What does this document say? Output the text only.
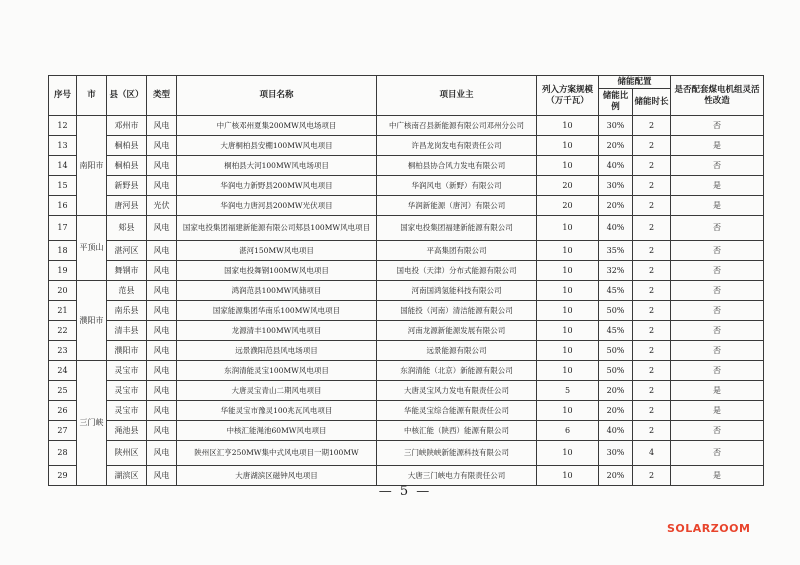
序号	市	县（区）	类型	项目名称	项目业主	列入方案规模（万千瓦）	储能配置		是否配套煤电机组灵活性改造
							储能比例	储能时长	
12	南阳市	邓州市	风电	中广核邓州夏集200MW风电场项目	中广核南召县新能源有限公司邓州分公司	10	30%	2	否
13		桐柏县	风电	大唐桐柏县安棚100MW风电项目	许昌龙岗发电有限责任公司	10	20%	2	是
14		桐柏县	风电	桐柏县大河100MW风电场项目	桐柏县协合风力发电有限公司	10	40%	2	否
15		新野县	风电	华润电力新野县200MW风电项目	华润风电（新野）有限公司	20	30%	2	是
16		唐河县	光伏	华润电力唐河县200MW光伏项目	华润新能源（唐河）有限公司	20	20%	2	是
17	平顶山	郏县	风电	国家电投集团福建新能源有限公司郏县100MW风电项目	国家电投集团福建新能源有限公司	10	40%	2	否
18		湛河区	风电	湛河150MW风电项目	平高集团有限公司	10	35%	2	否
19		舞钢市	风电	国家电投舞钢100MW风电项目	国电投（天津）分布式能源有限公司	10	32%	2	否
20	濮阳市	范县	风电	鸿润范县100MW风储项目	河南国鸿氢能科技有限公司	10	45%	2	否
21		南乐县	风电	国家能源集团华南乐100MW风电项目	国能投（河南）清洁能源有限公司	10	50%	2	否
22		清丰县	风电	龙源清丰100MW风电项目	河南龙源新能源发展有限公司	10	45%	2	否
23		濮阳市	风电	远景濮阳范县风电场项目	远景能源有限公司	10	50%	2	否
24	三门峡	灵宝市	风电	东润清能灵宝100MW风电项目	东润清能（北京）新能源有限公司	10	50%	2	否
25		灵宝市	风电	大唐灵宝青山二期风电项目	大唐灵宝风力发电有限责任公司	5	20%	2	是
26		灵宝市	风电	华能灵宝市豫灵100兆瓦风电项目	华能灵宝综合能源有限责任公司	10	20%	2	是
27		渑池县	风电	中核汇能渑池60MW风电项目	中核汇能（陕西）能源有限公司	6	40%	2	否
28		陕州区	风电	陕州区汇亨250MW集中式风电项目一期100MW	三门峡陕峡新能源科技有限公司	10	30%	4	否
29		湖滨区	风电	大唐湖滨区磁钟风电项目	大唐三门峡电力有限责任公司	10	20%	2	是
— 5 —
SOLARZOOM
